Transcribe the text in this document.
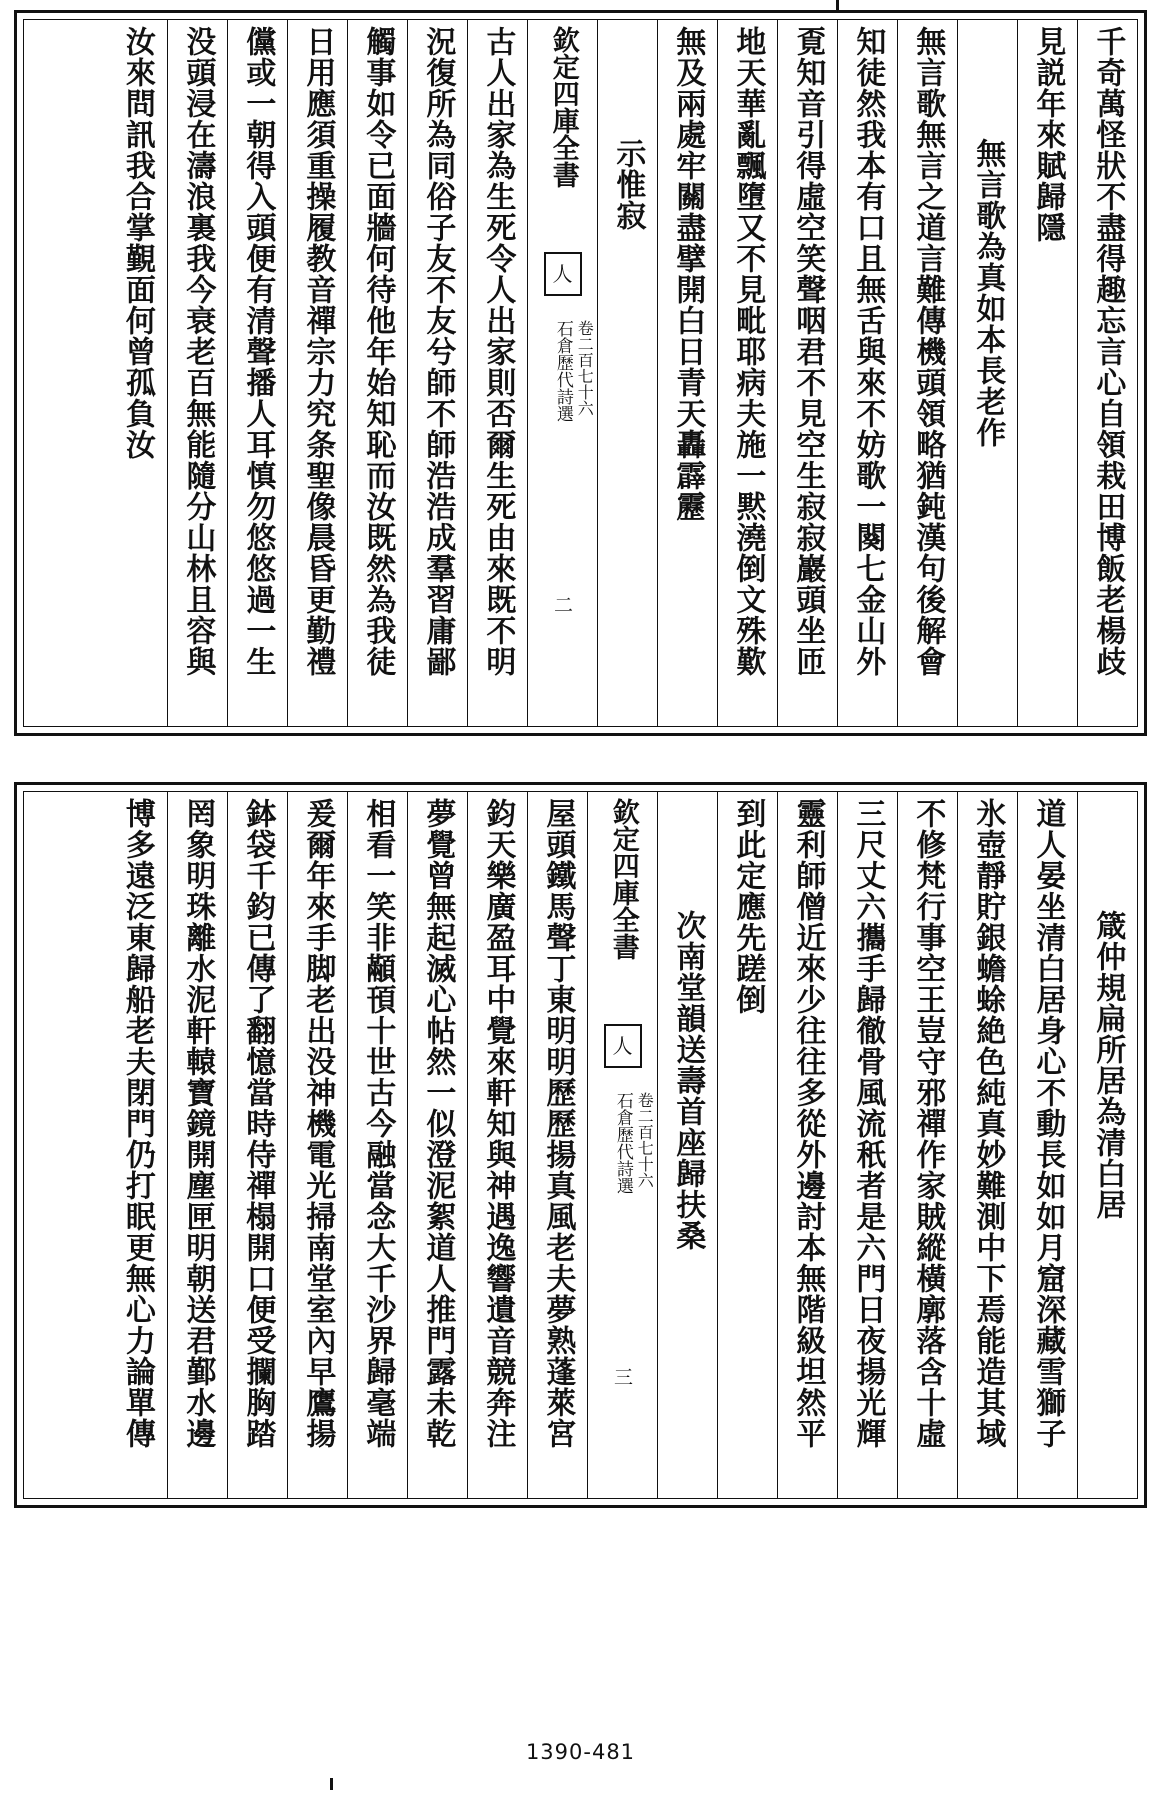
千奇萬怪狀不盡得趣忘言心自領栽田博飯老楊歧
見説年來賦歸隱
無言歌為真如本長老作
無言歌無言之道言難傳機頭領略猶鈍漢句後解會
知徒然我本有口且無舌與來不妨歌一闋七金山外
覔知音引得虛空笑聲咽君不見空生寂寂巖頭坐匝
地天華亂飄墮又不見毗耶病夫施一黙澆倒文殊歎
無及兩處牢關盡擘開白日青天轟霹靂
示惟寂
欽定四庫全書
人
石倉歷代詩選 卷二百七十六
二
古人出家為生死令人出家則否爾生死由來既不明
況復所為同俗子友不友兮師不師浩浩成羣習庸鄙
觸事如令已面牆何待他年始知恥而汝既然為我徒
日用應須重操履教音禪宗力究条聖像晨昏更勤禮
儻或一朝得入頭便有清聲播人耳慎勿悠悠過一生
没頭浸在濤浪裏我今衰老百無能隨分山林且容與
汝來問訊我合掌覲面何曾孤負汝
箴仲規扁所居為清白居
道人晏坐清白居身心不動長如如月窟深藏雪獅子
氷壺靜貯銀蟾蜍絶色純真妙難測中下焉能造其域
不修梵行事空王豈守邪禪作家賊縱橫廓落含十虛
三尺丈六攜手歸徹骨風流秖者是六門日夜揚光輝
靈利師僧近來少往往多從外邊討本無階級坦然平
到此定應先蹉倒
次南堂韻送壽首座歸扶桑
欽定四庫全書
人
石倉歷代詩選 卷二百七十六
三
屋頭鐵馬聲丁東明明歷歷揚真風老夫夢熟蓬萊宮
鈞天樂廣盈耳中覺來軒知與神遇逸響遺音競奔注
夢覺曾無起滅心帖然一似澄泥絮道人推門露未乾
相看一笑非顢頇十世古今融當念大千沙界歸毫端
爰爾年來手脚老出没神機電光掃南堂室內早鷹揚
鉢袋千鈞已傳了翻憶當時侍禪榻開口便受攔胸踏
罔象明珠離水泥軒轅寶鏡開塵匣明朝送君鄞水邊
博多遠泛東歸船老夫閉門仍打眠更無心力論單傳
1390-481
